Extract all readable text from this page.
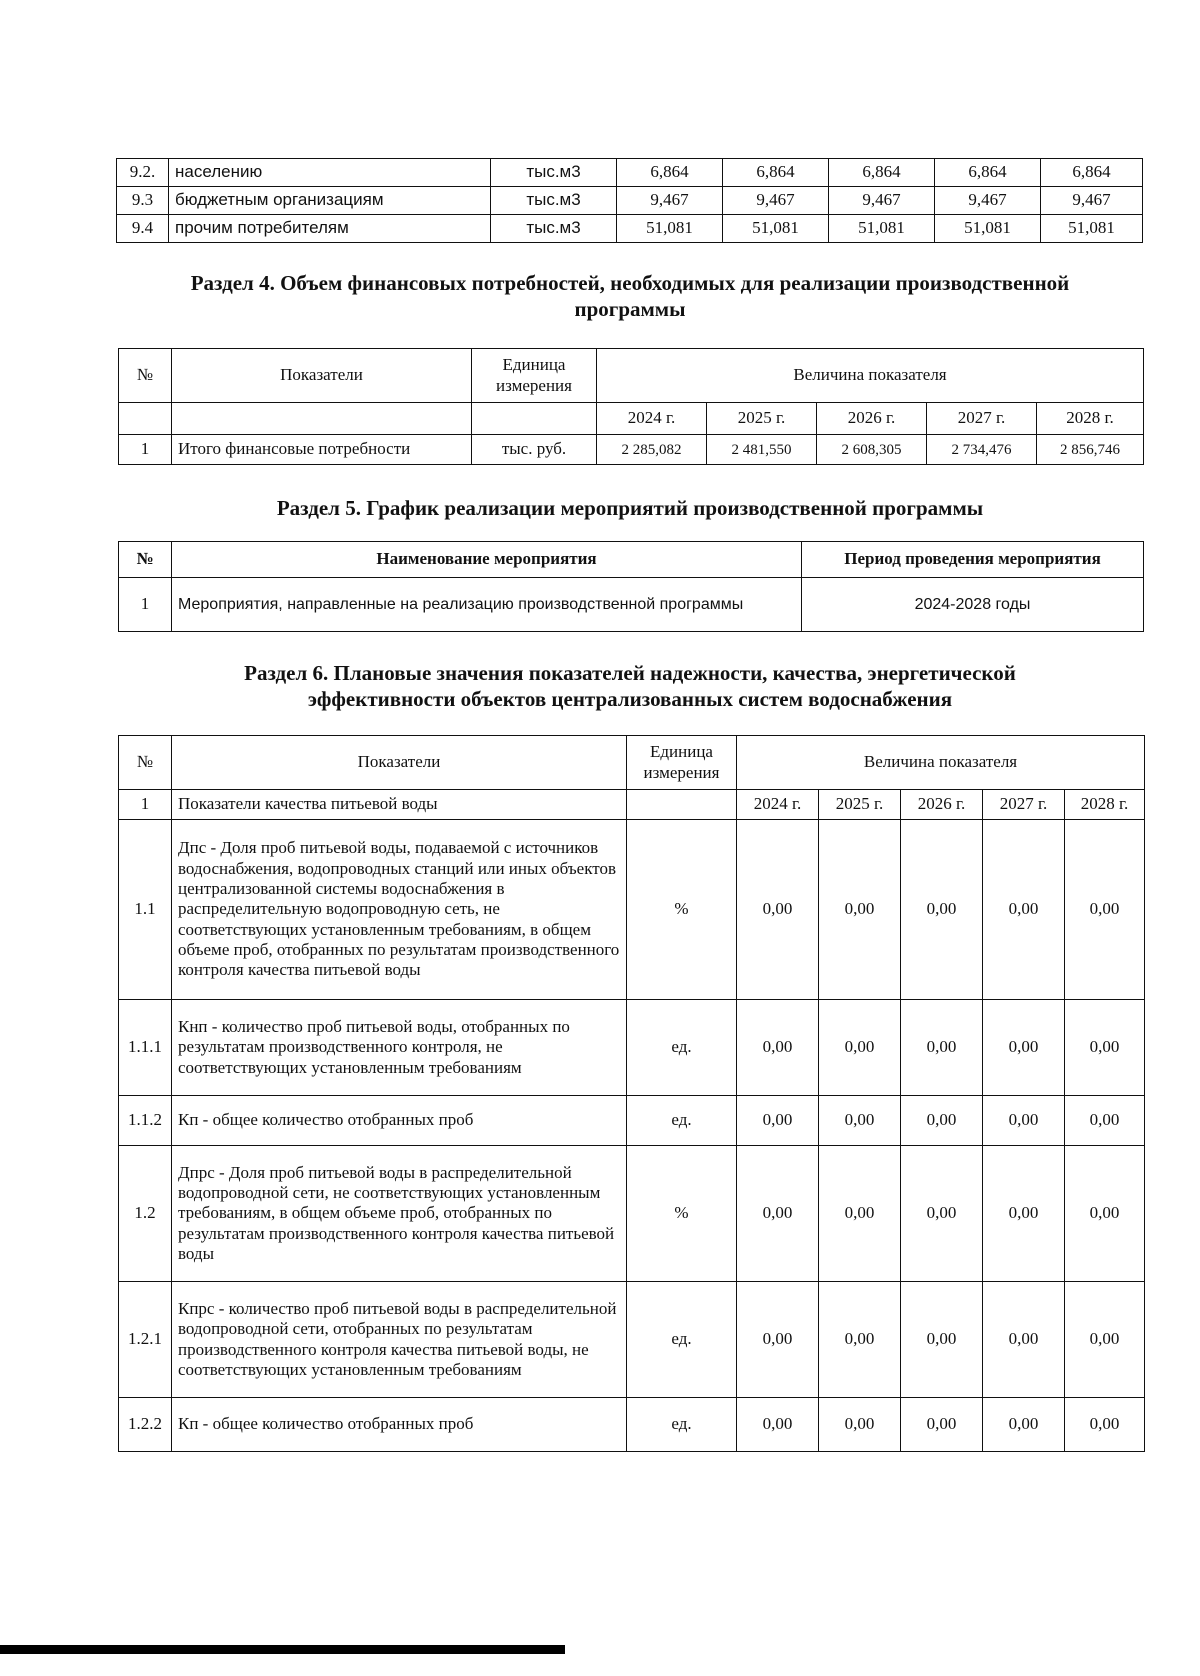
9.2.	населению	тыс.м3	6,864	6,864	6,864	6,864	6,864
9.3	бюджетным организациям	тыс.м3	9,467	9,467	9,467	9,467	9,467
9.4	прочим потребителям	тыс.м3	51,081	51,081	51,081	51,081	51,081
Раздел 4. Объем финансовых потребностей, необходимых для реализации производственной
программы
№	Показатели	Единица измерения	Величина показателя				
			2024 г.	2025 г.	2026 г.	2027 г.	2028 г.
1	Итого финансовые потребности	тыс. руб.	2 285,082	2 481,550	2 608,305	2 734,476	2 856,746
Раздел 5. График реализации мероприятий производственной программы
№	Наименование мероприятия	Период проведения мероприятия
1	Мероприятия, направленные на реализацию производственной программы	2024-2028 годы
Раздел 6. Плановые значения показателей надежности, качества, энергетической
эффективности объектов централизованных систем водоснабжения
№	Показатели	Единица измерения	Величина показателя				
1	Показатели качества питьевой воды		2024 г.	2025 г.	2026 г.	2027 г.	2028 г.
1.1	Дпс - Доля проб питьевой воды, подаваемой с источников водоснабжения, водопроводных станций или иных объектов централизованной системы водоснабжения в распределительную водопроводную сеть, не соответствующих установленным требованиям, в общем объеме проб, отобранных по результатам производственного контроля качества питьевой воды	%	0,00	0,00	0,00	0,00	0,00
1.1.1	Кнп - количество проб питьевой воды, отобранных по результатам производственного контроля, не соответствующих установленным требованиям	ед.	0,00	0,00	0,00	0,00	0,00
1.1.2	Кп - общее количество отобранных проб	ед.	0,00	0,00	0,00	0,00	0,00
1.2	Дпрс - Доля проб питьевой воды в распределительной водопроводной сети, не соответствующих установленным требованиям, в общем объеме проб, отобранных по результатам производственного контроля качества питьевой воды	%	0,00	0,00	0,00	0,00	0,00
1.2.1	Кпрс - количество проб питьевой воды в распределительной водопроводной сети, отобранных по результатам производственного контроля качества питьевой воды, не соответствующих установленным требованиям	ед.	0,00	0,00	0,00	0,00	0,00
1.2.2	Кп - общее количество отобранных проб	ед.	0,00	0,00	0,00	0,00	0,00
